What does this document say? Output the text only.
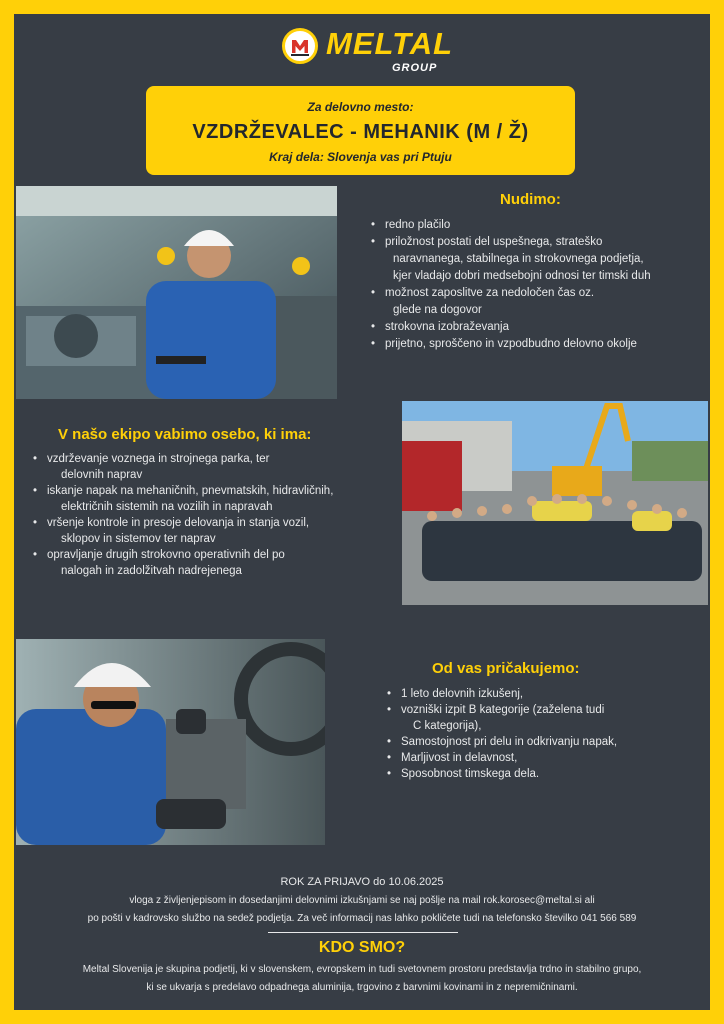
MELTAL
GROUP
Za delovno mesto:
VZDRŽEVALEC - MEHANIK (M / Ž)
Kraj dela: Slovenja vas pri Ptuju
Nudimo:
• redno plačilo
• priložnost postati del uspešnega, strateško
naravnanega, stabilnega in strokovnega podjetja,
kjer vladajo dobri medsebojni odnosi ter timski duh
• možnost zaposlitve za nedoločen čas oz.
glede na dogovor
• strokovna izobraževanja
• prijetno, sproščeno in vzpodbudno delovno okolje
V našo ekipo vabimo osebo, ki ima:
• vzdrževanje voznega in strojnega parka, ter
delovnih naprav
• iskanje napak na mehaničnih, pnevmatskih, hidravličnih,
električnih sistemih na vozilih in napravah
• vršenje kontrole in presoje delovanja in stanja vozil,
sklopov in sistemov ter naprav
• opravljanje drugih strokovno operativnih del po
nalogah in zadolžitvah nadrejenega
Od vas pričakujemo:
• 1 leto delovnih izkušenj,
• vozniški izpit B kategorije (zaželena tudi
C kategorija),
• Samostojnost pri delu in odkrivanju napak,
• Marljivost in delavnost,
• Sposobnost timskega dela.
ROK ZA PRIJAVO do 10.06.2025
vloga z življenjepisom in dosedanjimi delovnimi izkušnjami se naj pošlje na mail rok.korosec@meltal.si ali
po pošti v kadrovsko službo na sedež podjetja. Za več informacij nas lahko pokličete tudi na telefonsko številko 041 566 589
KDO SMO?
Meltal Slovenija je skupina podjetij, ki v slovenskem, evropskem in tudi svetovnem prostoru predstavlja trdno in stabilno grupo,
ki se ukvarja s predelavo odpadnega aluminija, trgovino z barvnimi kovinami in z nepremičninami.
